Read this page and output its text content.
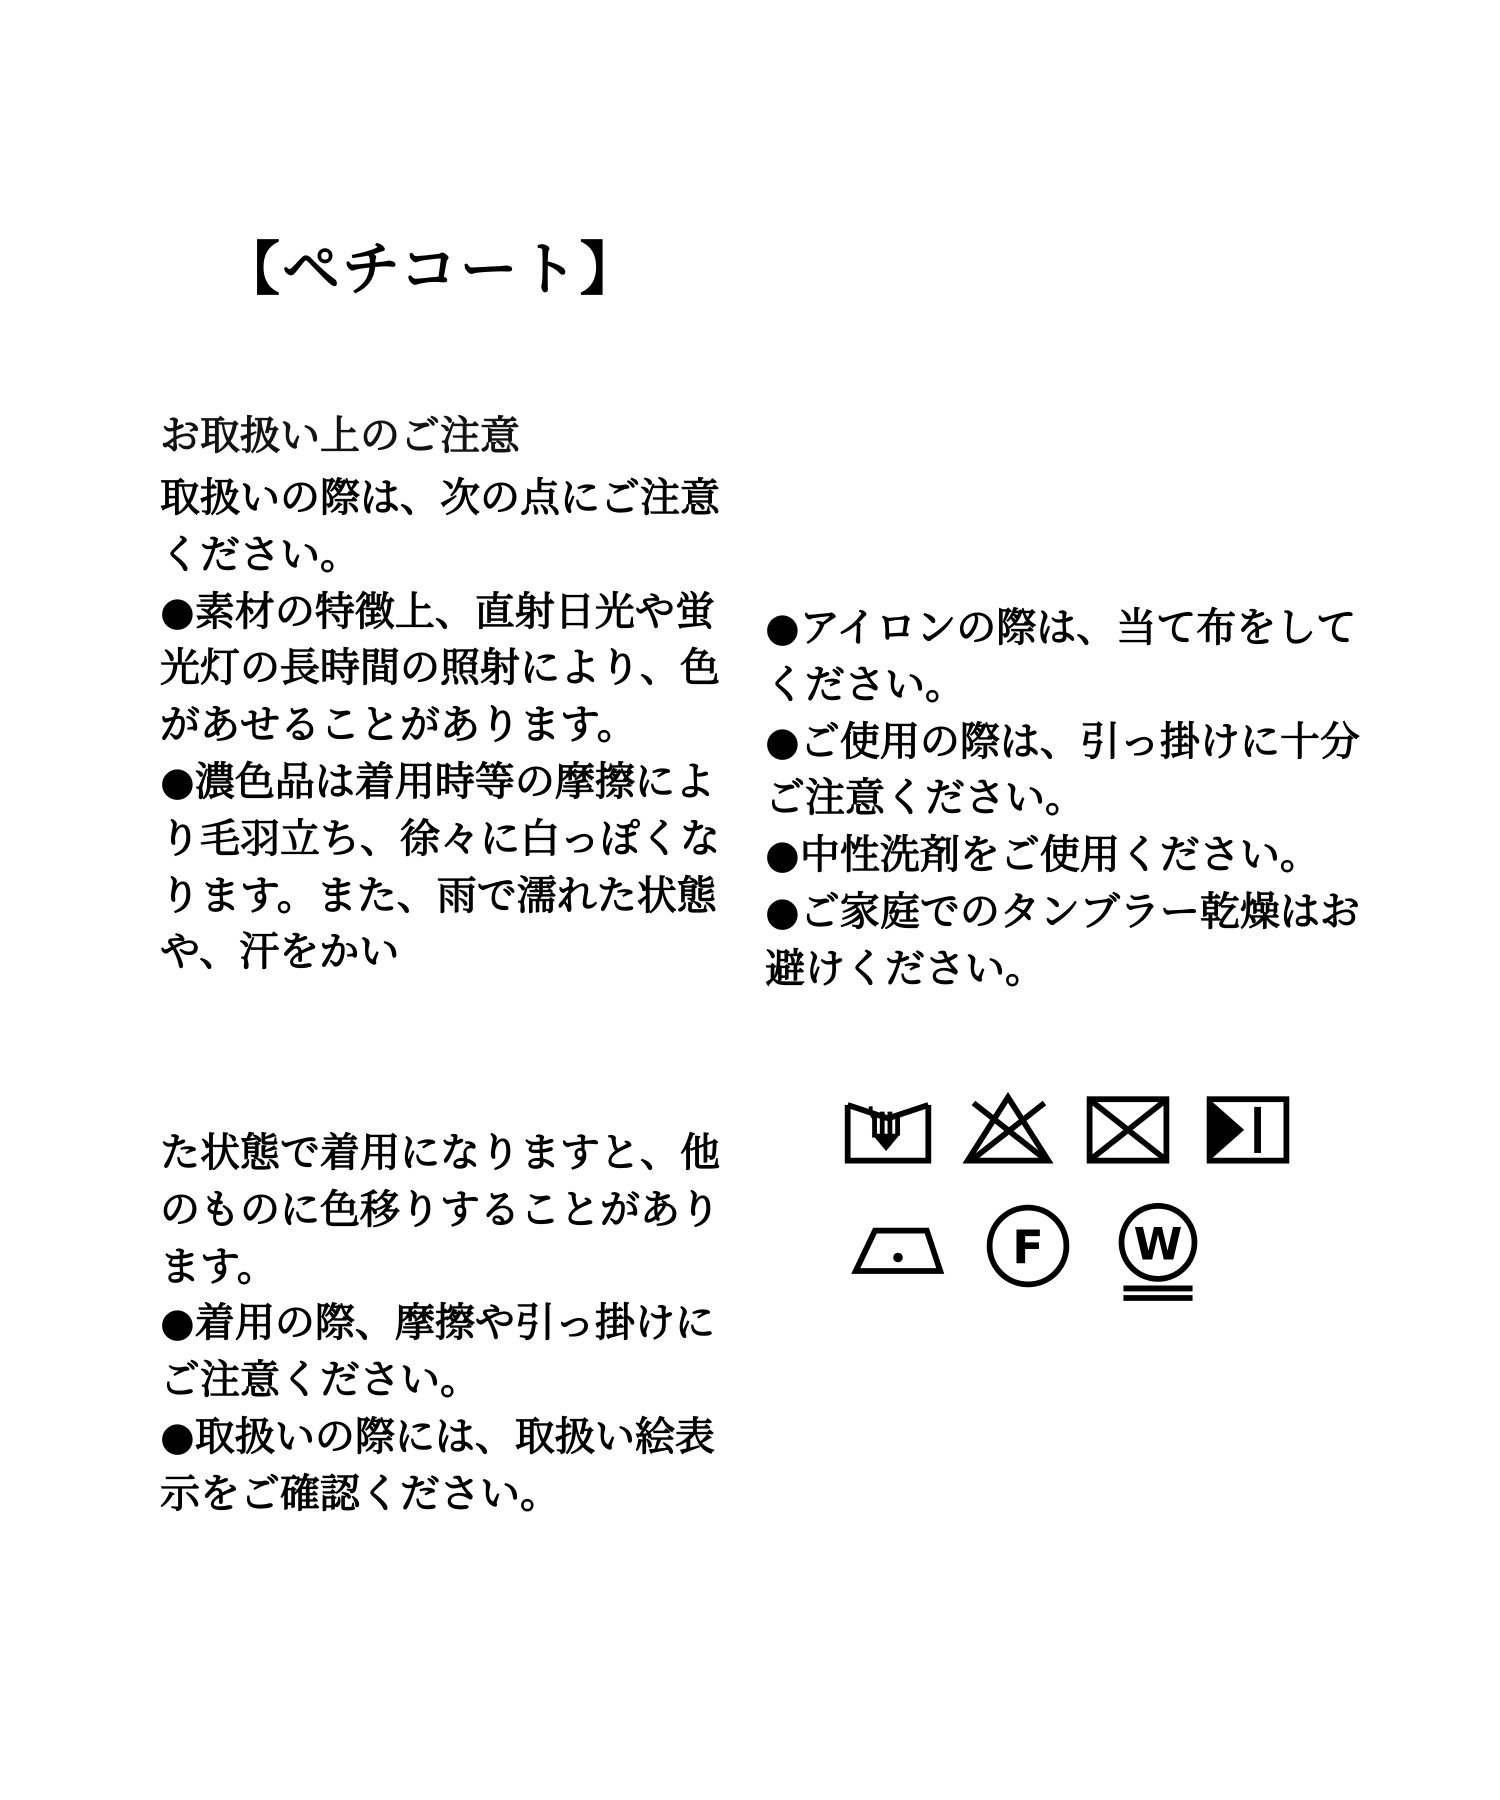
【ペチコート】

お取扱い上のご注意

取扱いの際は、次の点にご注意ください。

●素材の特徴上、直射日光や蛍光灯の長時間の照射により、色があせることがあります。

●濃色品は着用時等の摩擦により毛羽立ち、徐々に白っぽくなります。また、雨で濡れた状態や、汗をかい

た状態で着用になりますと、他のものに色移りすることがあります。

●着用の際、摩擦や引っ掛けにご注意ください。

●取扱いの際には、取扱い絵表示をご確認ください。

●アイロンの際は、当て布をしてください。

●ご使用の際は、引っ掛けに十分ご注意ください。

●中性洗剤をご使用ください。

●ご家庭でのタンブラー乾燥はお避けください。

F W
